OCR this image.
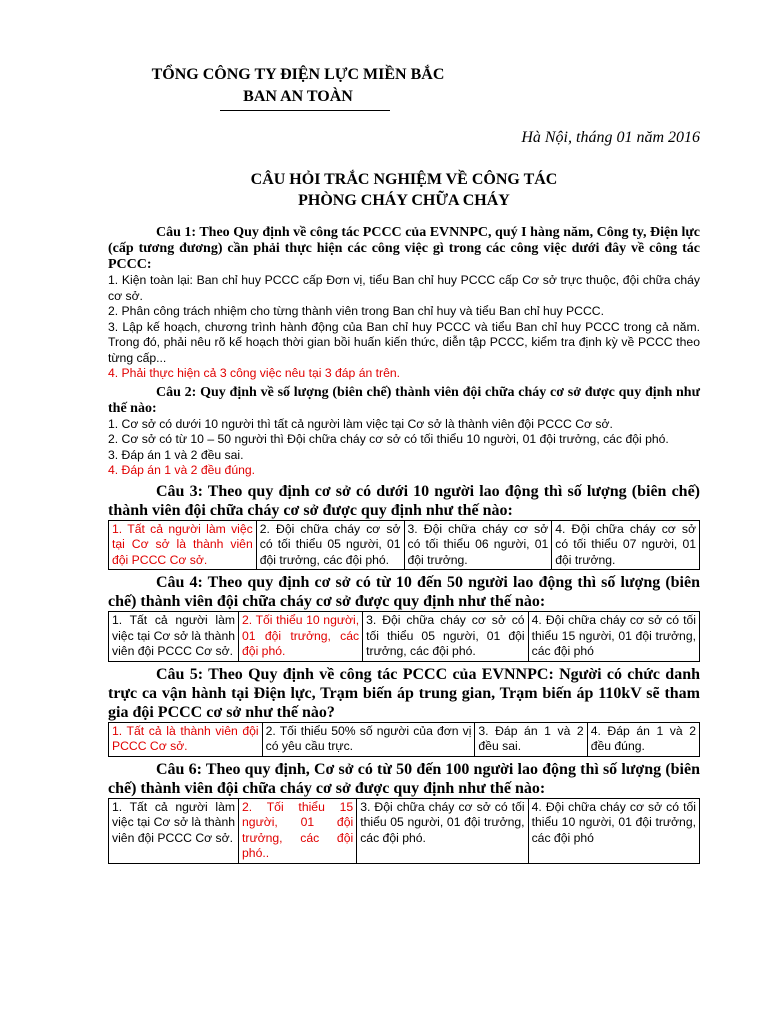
TỔNG CÔNG TY ĐIỆN LỰC MIỀN BẮC
BAN AN TOÀN
Hà Nội, tháng 01 năm 2016
CÂU HỎI TRẮC NGHIỆM VỀ CÔNG TÁC
PHÒNG CHÁY CHỮA CHÁY

Câu 1: Theo Quy định về công tác PCCC của EVNNPC, quý I hàng năm, Công ty, Điện lực (cấp tương đương) cần phải thực hiện các công việc gì trong các công việc dưới đây về công tác PCCC:

1. Kiện toàn lại: Ban chỉ huy PCCC cấp Đơn vị, tiểu Ban chỉ huy PCCC cấp Cơ sở trực thuộc, đội chữa cháy cơ sở.

2. Phân công trách nhiệm cho từng thành viên trong Ban chỉ huy và tiểu Ban chỉ huy PCCC.

3. Lập kế hoạch, chương trình hành động của Ban chỉ huy PCCC và tiểu Ban chỉ huy PCCC trong cả năm. Trong đó, phải nêu rõ kế hoạch thời gian bồi huấn kiến thức, diễn tập PCCC, kiểm tra định kỳ về PCCC theo từng cấp...

4. Phải thực hiện cả 3 công việc nêu tại 3 đáp án trên.

Câu 2: Quy định về số lượng (biên chế) thành viên đội chữa cháy cơ sở được quy định như thế nào:

1. Cơ sở có dưới 10 người thì tất cả người làm việc tại Cơ sở là thành viên đội PCCC Cơ sở.

2. Cơ sở có từ 10 – 50 người thì Đội chữa cháy cơ sở có tối thiểu 10 người, 01 đội trưởng, các đội phó.

3. Đáp án 1 và 2 đều sai.

4. Đáp án 1 và 2 đều đúng.

Câu 3: Theo quy định cơ sở có dưới 10 người lao động thì số lượng (biên chế) thành viên đội chữa cháy cơ sở được quy định như thế nào:

1. Tất cả người làm việc tại Cơ sở là thành viên đội PCCC Cơ sở.	2. Đội chữa cháy cơ sở có tối thiểu 05 người, 01 đội trưởng, các đội phó.	3. Đội chữa cháy cơ sở có tối thiểu 06 người, 01 đội trưởng.	4. Đội chữa cháy cơ sở có tối thiểu 07 người, 01 đội trưởng.

Câu 4: Theo quy định cơ sở có từ 10 đến 50 người lao động thì số lượng (biên chế) thành viên đội chữa cháy cơ sở được quy định như thế nào:

1. Tất cả người làm việc tại Cơ sở là thành viên đội PCCC Cơ sở.	2. Tối thiểu 10 người, 01 đội trưởng, các đội phó.	3. Đội chữa cháy cơ sở có tối thiểu 05 người, 01 đội trưởng, các đội phó.	4. Đội chữa cháy cơ sở có tối thiểu 15 người, 01 đội trưởng, các đội phó

Câu 5: Theo Quy định về công tác PCCC của EVNNPC: Người có chức danh trực ca vận hành tại Điện lực, Trạm biến áp trung gian, Trạm biến áp 110kV sẽ tham gia đội PCCC cơ sở như thế nào?

1. Tất cả là thành viên đội PCCC Cơ sở.	2. Tối thiểu 50% số người của đơn vị có yêu cầu trực.	3. Đáp án 1 và 2 đều sai.	4. Đáp án 1 và 2 đều đúng.

Câu 6: Theo quy định, Cơ sở có từ 50 đến 100 người lao động thì số lượng (biên chế) thành viên đội chữa cháy cơ sở được quy định như thế nào:

1. Tất cả người làm việc tại Cơ sở là thành viên đội PCCC Cơ sở.	2. Tối thiểu 15 người, 01 đội trưởng, các đội phó..	3. Đội chữa cháy cơ sở có tối thiểu 05 người, 01 đội trưởng, các đội phó.	4. Đội chữa cháy cơ sở có tối thiểu 10 người, 01 đội trưởng, các đội phó
